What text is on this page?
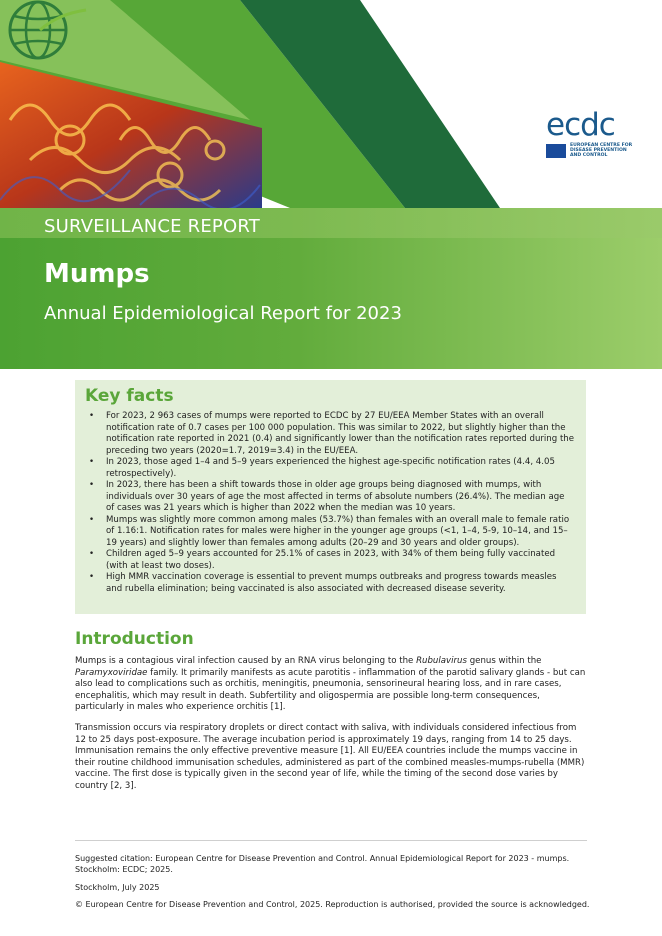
ecdc
EUROPEAN CENTRE FOR
DISEASE PREVENTION
AND CONTROL
SURVEILLANCE REPORT
Mumps
Annual Epidemiological Report for 2023
Key facts
• For 2023, 2 963 cases of mumps were reported to ECDC by 27 EU/EEA Member States with an overall notification rate of 0.7 cases per 100 000 population. This was similar to 2022, but slightly higher than the notification rate reported in 2021 (0.4) and significantly lower than the notification rates reported during the preceding two years (2020=1.7, 2019=3.4) in the EU/EEA.
• In 2023, those aged 1–4 and 5–9 years experienced the highest age-specific notification rates (4.4, 4.05 retrospectively).
• In 2023, there has been a shift towards those in older age groups being diagnosed with mumps, with individuals over 30 years of age the most affected in terms of absolute numbers (26.4%). The median age of cases was 21 years which is higher than 2022 when the median was 10 years.
• Mumps was slightly more common among males (53.7%) than females with an overall male to female ratio of 1.16:1. Notification rates for males were higher in the younger age groups (<1, 1–4, 5-9, 10–14, and 15–19 years) and slightly lower than females among adults (20–29 and 30 years and older groups).
• Children aged 5–9 years accounted for 25.1% of cases in 2023, with 34% of them being fully vaccinated (with at least two doses).
• High MMR vaccination coverage is essential to prevent mumps outbreaks and progress towards measles and rubella elimination; being vaccinated is also associated with decreased disease severity.
Introduction

Mumps is a contagious viral infection caused by an RNA virus belonging to the Rubulavirus genus within the Paramyxoviridae family. It primarily manifests as acute parotitis - inflammation of the parotid salivary glands - but can also lead to complications such as orchitis, meningitis, pneumonia, sensorineural hearing loss, and in rare cases, encephalitis, which may result in death. Subfertility and oligospermia are possible long-term consequences, particularly in males who experience orchitis [1].

Transmission occurs via respiratory droplets or direct contact with saliva, with individuals considered infectious from 12 to 25 days post-exposure. The average incubation period is approximately 19 days, ranging from 14 to 25 days. Immunisation remains the only effective preventive measure [1]. All EU/EEA countries include the mumps vaccine in their routine childhood immunisation schedules, administered as part of the combined measles-mumps-rubella (MMR) vaccine. The first dose is typically given in the second year of life, while the timing of the second dose varies by country [2, 3].

Suggested citation: European Centre for Disease Prevention and Control. Annual Epidemiological Report for 2023 - mumps. Stockholm: ECDC; 2025.

Stockholm, July 2025

© European Centre for Disease Prevention and Control, 2025. Reproduction is authorised, provided the source is acknowledged.
